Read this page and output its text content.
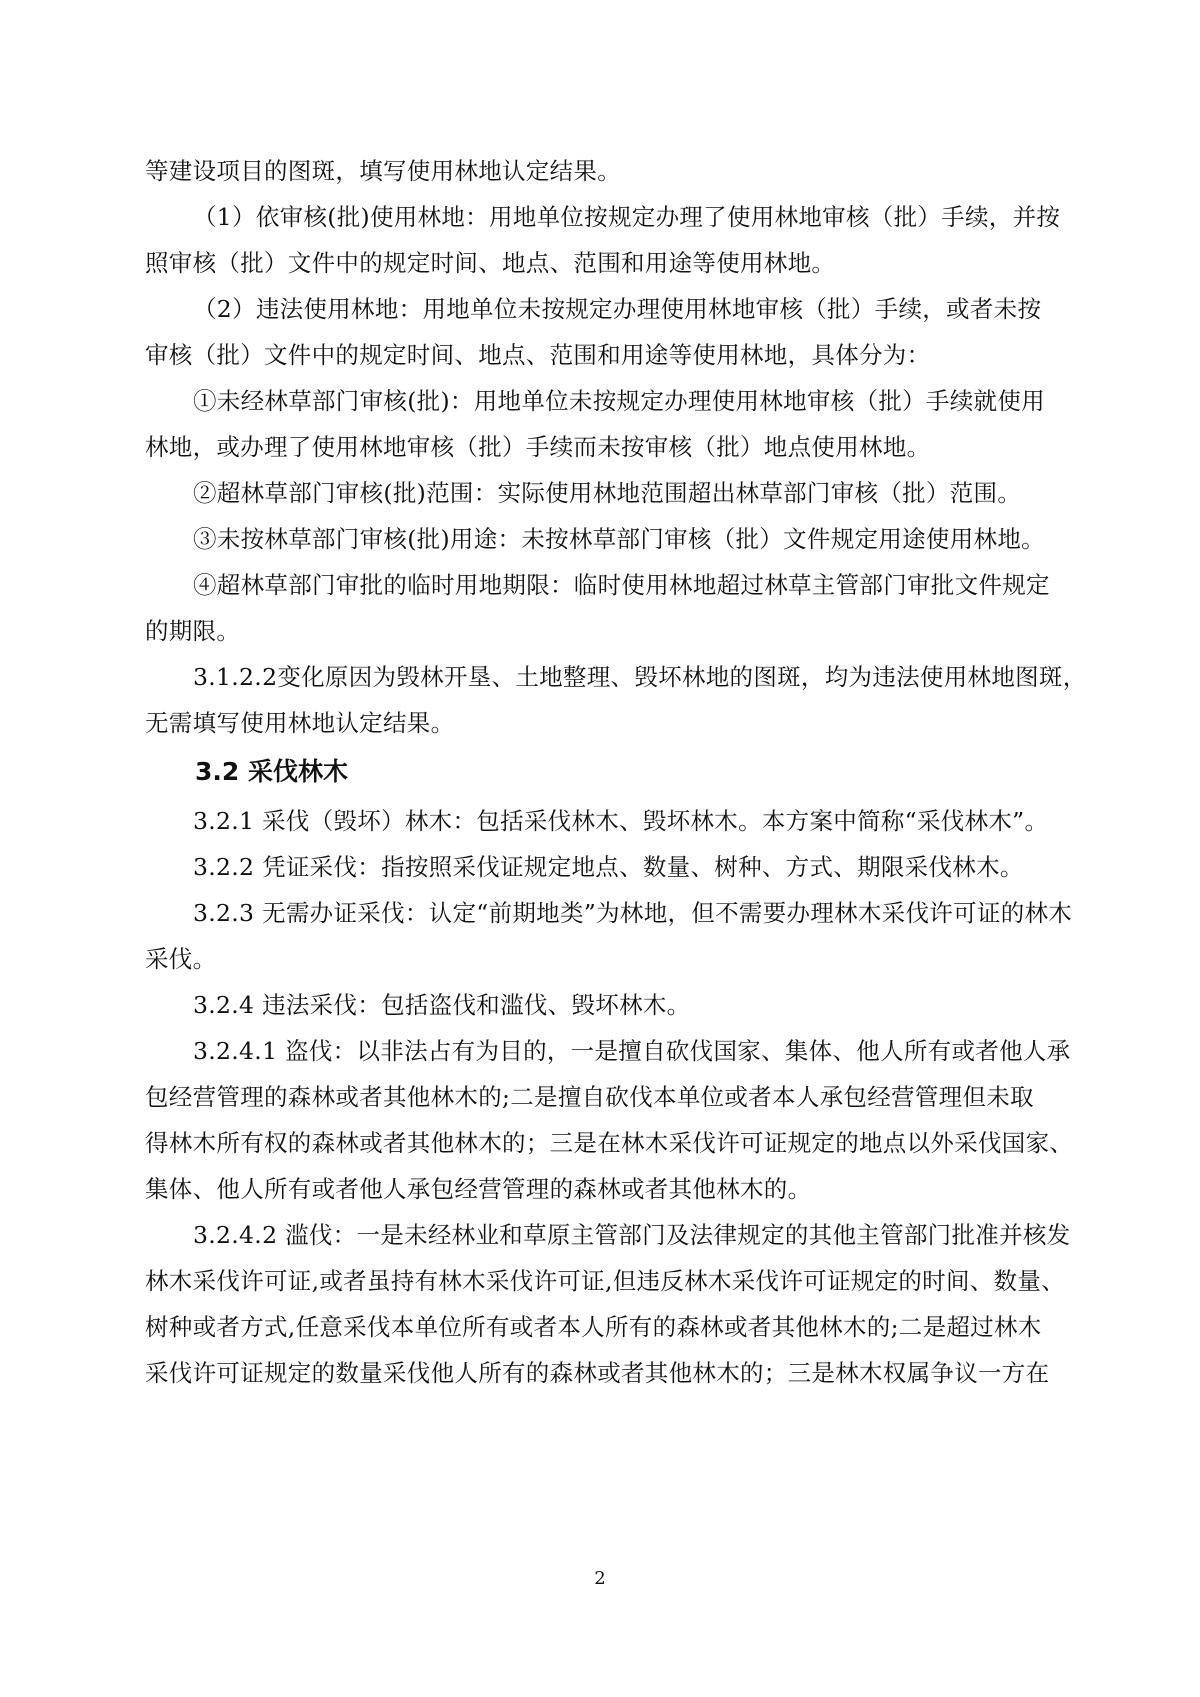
等建设项目的图斑，填写使用林地认定结果。
（1）依审核(批)使用林地：用地单位按规定办理了使用林地审核（批）手续，并按
照审核（批）文件中的规定时间、地点、范围和用途等使用林地。
（2）违法使用林地：用地单位未按规定办理使用林地审核（批）手续，或者未按
审核（批）文件中的规定时间、地点、范围和用途等使用林地，具体分为：
①未经林草部门审核(批)：用地单位未按规定办理使用林地审核（批）手续就使用
林地，或办理了使用林地审核（批）手续而未按审核（批）地点使用林地。
②超林草部门审核(批)范围：实际使用林地范围超出林草部门审核（批）范围。
③未按林草部门审核(批)用途：未按林草部门审核（批）文件规定用途使用林地。
④超林草部门审批的临时用地期限：临时使用林地超过林草主管部门审批文件规定
的期限。
3.1.2.2变化原因为毁林开垦、土地整理、毁坏林地的图斑，均为违法使用林地图斑，
无需填写使用林地认定结果。
3.2 采伐林木
3.2.1 采伐（毁坏）林木：包括采伐林木、毁坏林木。本方案中简称“采伐林木”。
3.2.2 凭证采伐：指按照采伐证规定地点、数量、树种、方式、期限采伐林木。
3.2.3 无需办证采伐：认定“前期地类”为林地，但不需要办理林木采伐许可证的林木
采伐。
3.2.4 违法采伐：包括盗伐和滥伐、毁坏林木。
3.2.4.1 盗伐：以非法占有为目的，一是擅自砍伐国家、集体、他人所有或者他人承
包经营管理的森林或者其他林木的;二是擅自砍伐本单位或者本人承包经营管理但未取
得林木所有权的森林或者其他林木的；三是在林木采伐许可证规定的地点以外采伐国家、
集体、他人所有或者他人承包经营管理的森林或者其他林木的。
3.2.4.2 滥伐：一是未经林业和草原主管部门及法律规定的其他主管部门批准并核发
林木采伐许可证,或者虽持有林木采伐许可证,但违反林木采伐许可证规定的时间、数量、
树种或者方式,任意采伐本单位所有或者本人所有的森林或者其他林木的;二是超过林木
采伐许可证规定的数量采伐他人所有的森林或者其他林木的；三是林木权属争议一方在
2
